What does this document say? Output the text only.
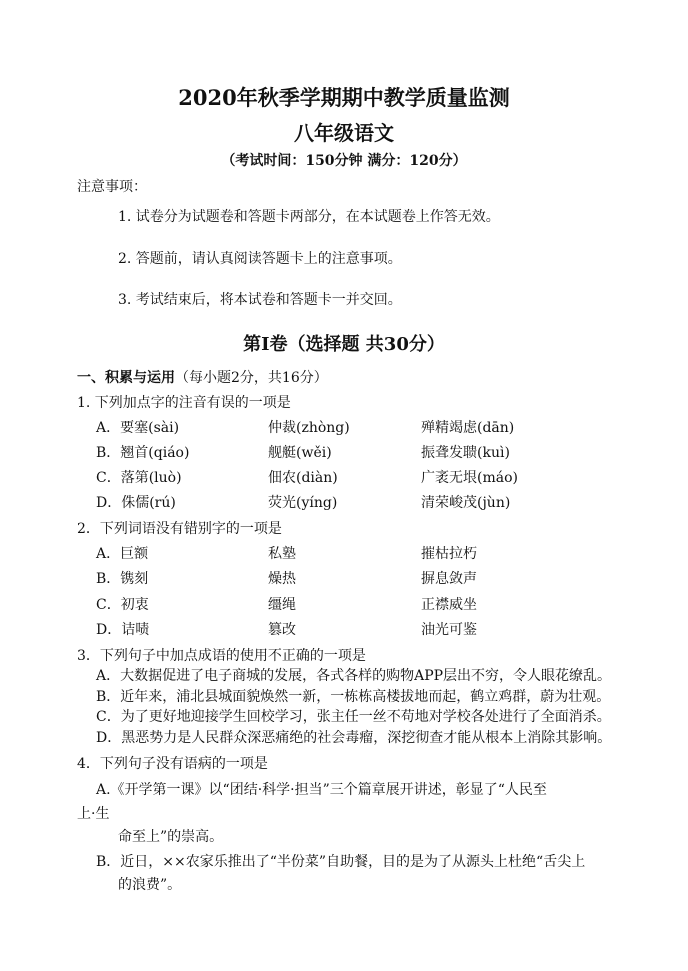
2020年秋季学期期中教学质量监测
八年级语文
（考试时间：150分钟 满分：120分）
注意事项：
1. 试卷分为试题卷和答题卡两部分，在本试题卷上作答无效。
2. 答题前，请认真阅读答题卡上的注意事项。
3. 考试结束后，将本试卷和答题卡一并交回。
第Ⅰ卷（选择题 共30分）
一、积累与运用（每小题2分，共16分）
1. 下列加点字的注音有误的一项是
A．要塞(sài)	仲裁(zhòng)	殚精竭虑(dān)
B．翘首(qiáo)	舰艇(wěi)	振聋发聩(kuì)
C．落第(luò)	佃农(diàn)	广袤无垠(máo)
D．侏儒(rú)	荧光(yíng)	清荣峻茂(jùn)
2．下列词语没有错别字的一项是
A．巨额	私塾	摧枯拉朽
B．镌刻	燥热	摒息敛声
C．初衷	缰绳	正襟威坐
D．诘啧	篡改	油光可鉴
3．下列句子中加点成语的使用不正确的一项是
A．大数据促进了电子商城的发展，各式各样的购物APP层出不穷，令人眼花缭乱。
B．近年来，浦北县城面貌焕然一新，一栋栋高楼拔地而起，鹤立鸡群，蔚为壮观。
C．为了更好地迎接学生回校学习，张主任一丝不苟地对学校各处进行了全面消杀。
D．黑恶势力是人民群众深恶痛绝的社会毒瘤，深挖彻查才能从根本上消除其影响。
4．下列句子没有语病的一项是
A.《开学第一课》以“团结·科学·担当”三个篇章展开讲述，彰显了“人民至
上·生
命至上”的崇高。
B．近日，××农家乐推出了“半份菜”自助餐，目的是为了从源头上杜绝“舌尖上
的浪费”。
